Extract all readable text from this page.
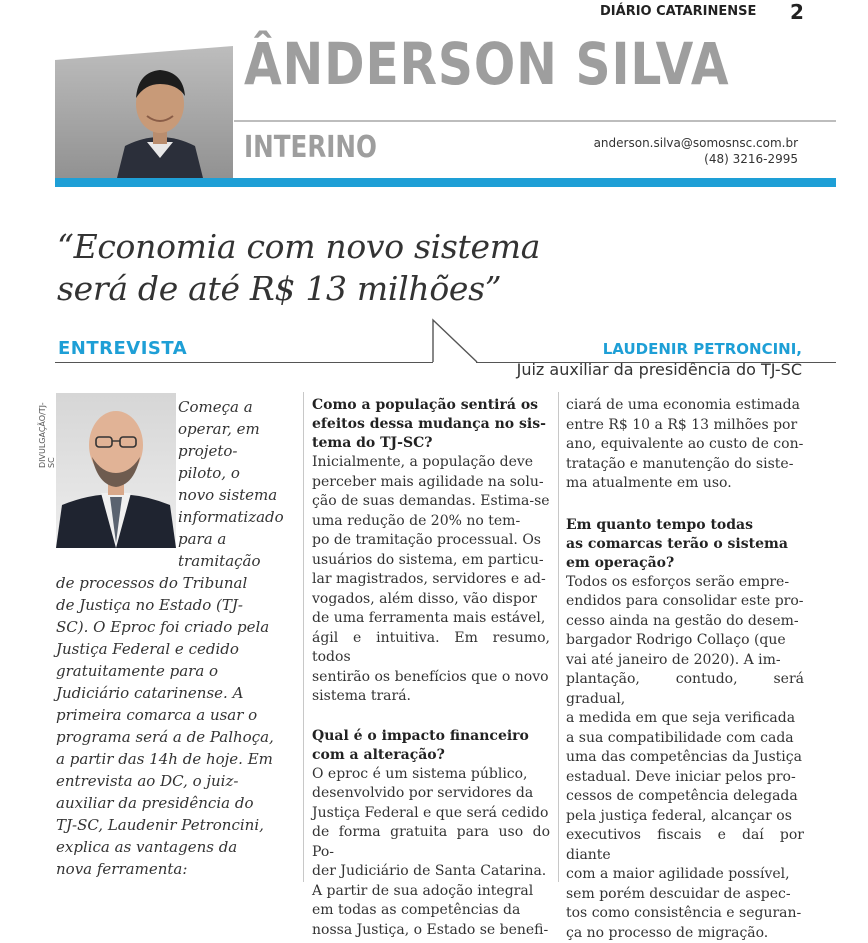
DIÁRIO CATARINENSE 2
ÂNDERSON SILVA
INTERINO	anderson.silva@somosnsc.com.br
(48) 3216-2995
“Economia com novo sistema
será de até R$ 13 milhões”
ENTREVISTA	LAUDENIR PETRONCINI,
Juiz auxiliar da presidência do TJ-SC
DIVULGAÇÃO/TJ-SC
Começa a
operar, em
projeto-
piloto, o
novo sistema
informatizado
para a
tramitação
de processos do Tribunal
de Justiça no Estado (TJ-
SC). O Eproc foi criado pela
Justiça Federal e cedido
gratuitamente para o
Judiciário catarinense. A
primeira comarca a usar o
programa será a de Palhoça,
a partir das 14h de hoje. Em
entrevista ao DC, o juiz-
auxiliar da presidência do
TJ-SC, Laudenir Petroncini,
explica as vantagens da
nova ferramenta:
Como a população sentirá os
efeitos dessa mudança no sis-
tema do TJ-SC?
Inicialmente, a população deve
perceber mais agilidade na solu-
ção de suas demandas. Estima-se
uma redução de 20% no tem-
po de tramitação processual. Os
usuários do sistema, em particu-
lar magistrados, servidores e ad-
vogados, além disso, vão dispor
de uma ferramenta mais estável,
ágil e intuitiva. Em resumo, todos
sentirão os benefícios que o novo
sistema trará.
Qual é o impacto financeiro
com a alteração?
O eproc é um sistema público,
desenvolvido por servidores da
Justiça Federal e que será cedido
de forma gratuita para uso do Po-
der Judiciário de Santa Catarina.
A partir de sua adoção integral
em todas as competências da
nossa Justiça, o Estado se benefi-
ciará de uma economia estimada
entre R$ 10 a R$ 13 milhões por
ano, equivalente ao custo de con-
tratação e manutenção do siste-
ma atualmente em uso.
Em quanto tempo todas
as comarcas terão o sistema
em operação?
Todos os esforços serão empre-
endidos para consolidar este pro-
cesso ainda na gestão do desem-
bargador Rodrigo Collaço (que
vai até janeiro de 2020). A im-
plantação, contudo, será gradual,
a medida em que seja verificada
a sua compatibilidade com cada
uma das competências da Justiça
estadual. Deve iniciar pelos pro-
cessos de competência delegada
pela justiça federal, alcançar os
executivos fiscais e daí por diante
com a maior agilidade possível,
sem porém descuidar de aspec-
tos como consistência e seguran-
ça no processo de migração.
